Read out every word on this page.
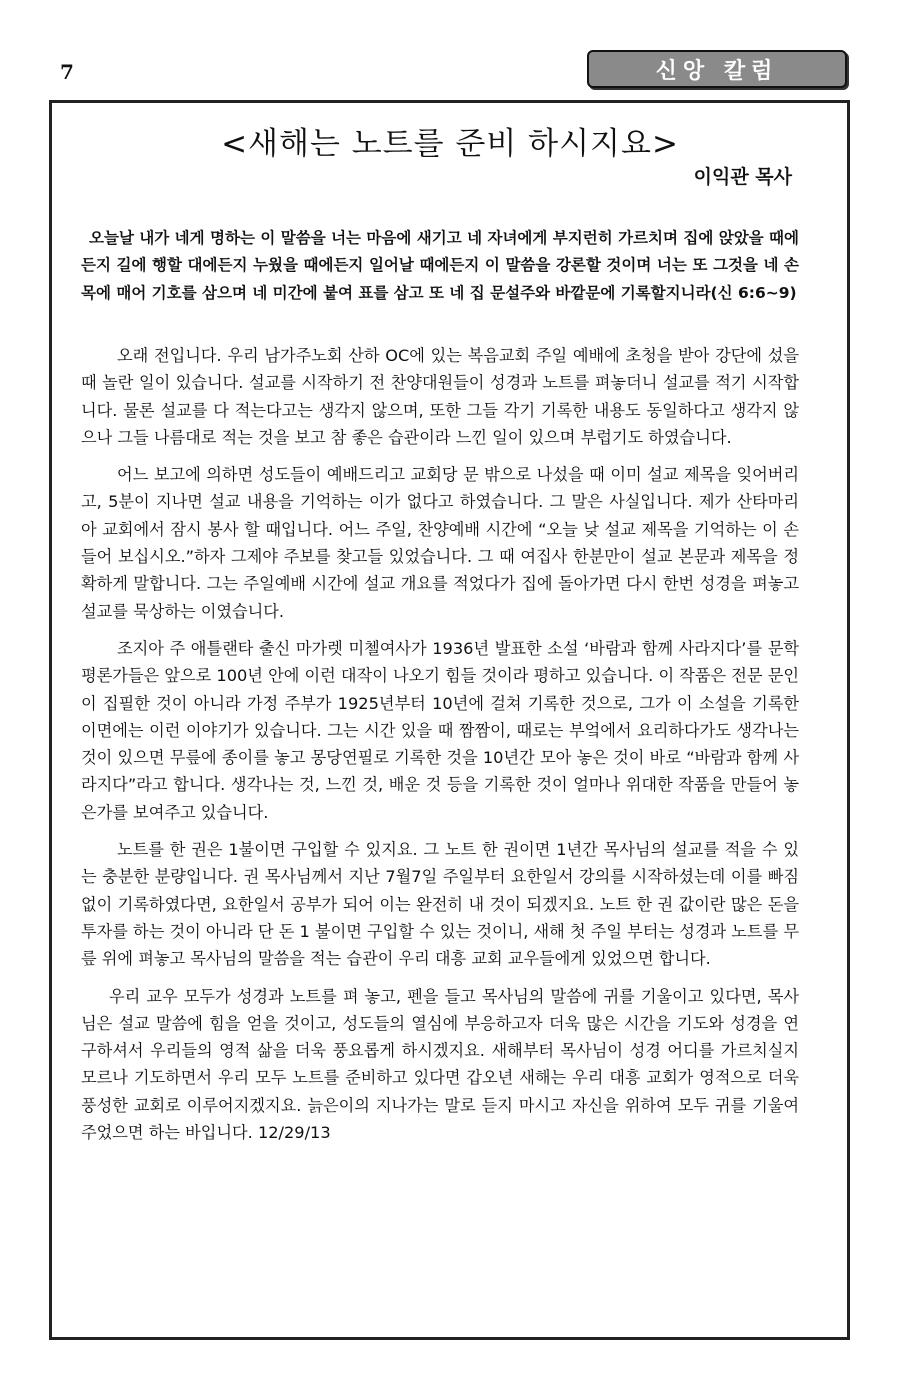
7	신앙 칼럼
<새해는 노트를 준비 하시지요>
이익관 목사
오늘날 내가 네게 명하는 이 말씀을 너는 마음에 새기고 네 자녀에게 부지런히 가르치며 집에 앉았을 때에든지 길에 행할 대에든지 누웠을 때에든지 일어날 때에든지 이 말씀을 강론할 것이며 너는 또 그것을 네 손목에 매어 기호를 삼으며 네 미간에 붙여 표를 삼고 또 네 집 문설주와 바깥문에 기록할지니라(신 6:6~9)

오래 전입니다. 우리 남가주노회 산하 OC에 있는 복음교회 주일 예배에 초청을 받아 강단에 섰을 때 놀란 일이 있습니다. 설교를 시작하기 전 찬양대원들이 성경과 노트를 펴놓더니 설교를 적기 시작합니다. 물론 설교를 다 적는다고는 생각지 않으며, 또한 그들 각기 기록한 내용도 동일하다고 생각지 않으나 그들 나름대로 적는 것을 보고 참 좋은 습관이라 느낀 일이 있으며 부럽기도 하였습니다.

어느 보고에 의하면 성도들이 예배드리고 교회당 문 밖으로 나섰을 때 이미 설교 제목을 잊어버리고, 5분이 지나면 설교 내용을 기억하는 이가 없다고 하였습니다. 그 말은 사실입니다. 제가 산타마리아 교회에서 잠시 봉사 할 때입니다. 어느 주일, 찬양예배 시간에 “오늘 낮 설교 제목을 기억하는 이 손들어 보십시오.”하자 그제야 주보를 찾고들 있었습니다. 그 때 여집사 한분만이 설교 본문과 제목을 정확하게 말합니다. 그는 주일예배 시간에 설교 개요를 적었다가 집에 돌아가면 다시 한번 성경을 펴놓고 설교를 묵상하는 이였습니다.

조지아 주 애틀랜타 출신 마가렛 미첼여사가 1936년 발표한 소설 ‘바람과 함께 사라지다’를 문학 평론가들은 앞으로 100년 안에 이런 대작이 나오기 힘들 것이라 평하고 있습니다. 이 작품은 전문 문인이 집필한 것이 아니라 가정 주부가 1925년부터 10년에 걸쳐 기록한 것으로, 그가 이 소설을 기록한 이면에는 이런 이야기가 있습니다. 그는 시간 있을 때 짬짬이, 때로는 부엌에서 요리하다가도 생각나는 것이 있으면 무릎에 종이를 놓고 몽당연필로 기록한 것을 10년간 모아 놓은 것이 바로 “바람과 함께 사라지다”라고 합니다. 생각나는 것, 느낀 것, 배운 것 등을 기록한 것이 얼마나 위대한 작품을 만들어 놓은가를 보여주고 있습니다.

노트를 한 권은 1불이면 구입할 수 있지요. 그 노트 한 권이면 1년간 목사님의 설교를 적을 수 있는 충분한 분량입니다. 권 목사님께서 지난 7월7일 주일부터 요한일서 강의를 시작하셨는데 이를 빠짐없이 기록하였다면, 요한일서 공부가 되어 이는 완전히 내 것이 되겠지요. 노트 한 권 값이란 많은 돈을 투자를 하는 것이 아니라 단 돈 1 불이면 구입할 수 있는 것이니, 새해 첫 주일 부터는 성경과 노트를 무릎 위에 펴놓고 목사님의 말씀을 적는 습관이 우리 대흥 교회 교우들에게 있었으면 합니다.

우리 교우 모두가 성경과 노트를 펴 놓고, 펜을 들고 목사님의 말씀에 귀를 기울이고 있다면, 목사님은 설교 말씀에 힘을 얻을 것이고, 성도들의 열심에 부응하고자 더욱 많은 시간을 기도와 성경을 연구하셔서 우리들의 영적 삶을 더욱 풍요롭게 하시겠지요. 새해부터 목사님이 성경 어디를 가르치실지 모르나 기도하면서 우리 모두 노트를 준비하고 있다면 갑오년 새해는 우리 대흥 교회가 영적으로 더욱 풍성한 교회로 이루어지겠지요. 늙은이의 지나가는 말로 듣지 마시고 자신을 위하여 모두 귀를 기울여 주었으면 하는 바입니다. 12/29/13
